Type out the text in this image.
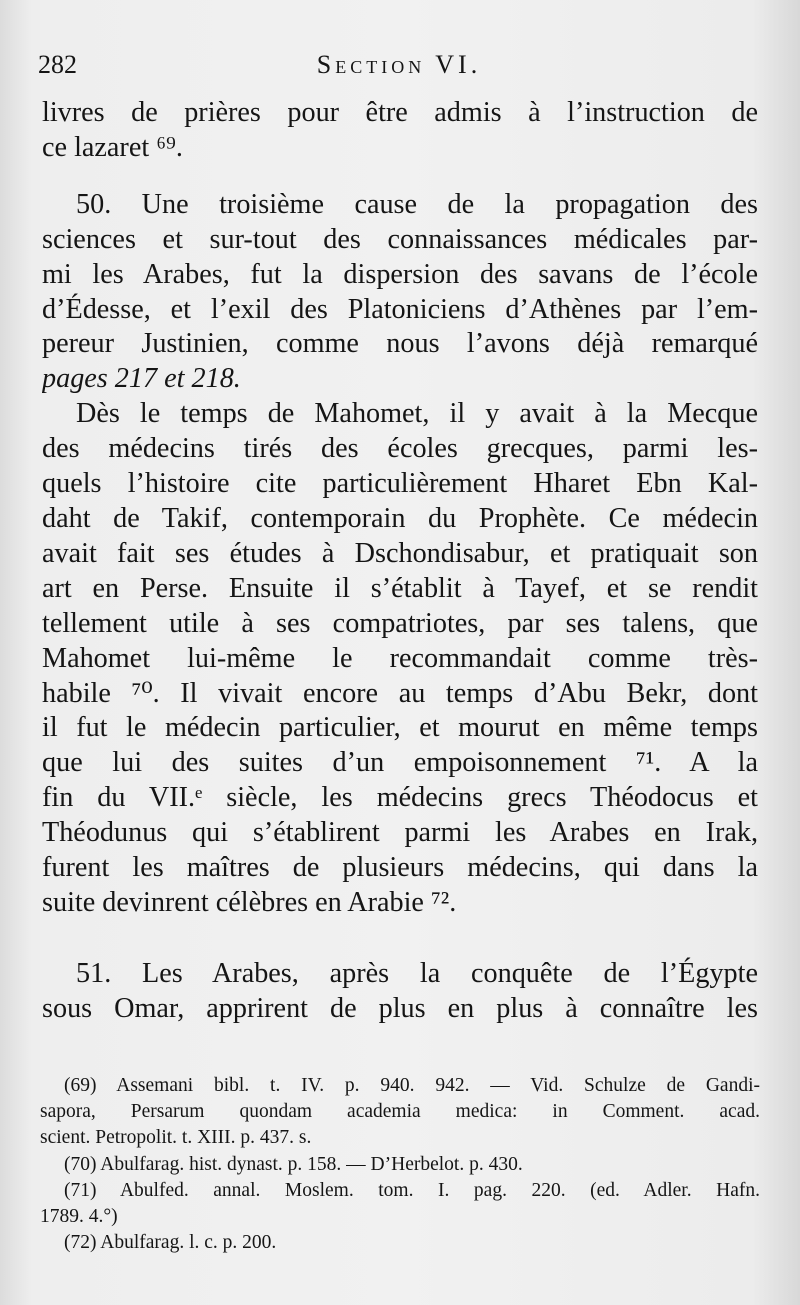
282	Section VI.
livres de prières pour être admis à l’instruction de
ce lazaret ⁶⁹.
50. Une troisième cause de la propagation des
sciences et sur-tout des connaissances médicales par-
mi les Arabes, fut la dispersion des savans de l’école
d’Édesse, et l’exil des Platoniciens d’Athènes par l’em-
pereur Justinien, comme nous l’avons déjà remarqué
pages 217 et 218.
Dès le temps de Mahomet, il y avait à la Mecque
des médecins tirés des écoles grecques, parmi les-
quels l’histoire cite particulièrement Hharet Ebn Kal-
daht de Takif, contemporain du Prophète. Ce médecin
avait fait ses études à Dschondisabur, et pratiquait son
art en Perse. Ensuite il s’établit à Tayef, et se rendit
tellement utile à ses compatriotes, par ses talens, que
Mahomet lui-même le recommandait comme très-
habile ⁷⁰. Il vivait encore au temps d’Abu Bekr, dont
il fut le médecin particulier, et mourut en même temps
que lui des suites d’un empoisonnement ⁷¹. A la
fin du VII.ᵉ siècle, les médecins grecs Théodocus et
Théodunus qui s’établirent parmi les Arabes en Irak,
furent les maîtres de plusieurs médecins, qui dans la
suite devinrent célèbres en Arabie ⁷².
51. Les Arabes, après la conquête de l’Égypte
sous Omar, apprirent de plus en plus à connaître les
(69) Assemani bibl. t. IV. p. 940. 942. — Vid. Schulze de Gandi-
sapora, Persarum quondam academia medica: in Comment. acad.
scient. Petropolit. t. XIII. p. 437. s.
(70) Abulfarag. hist. dynast. p. 158. — D’Herbelot. p. 430.
(71) Abulfed. annal. Moslem. tom. I. pag. 220. (ed. Adler. Hafn.
1789. 4.°)
(72) Abulfarag. l. c. p. 200.
